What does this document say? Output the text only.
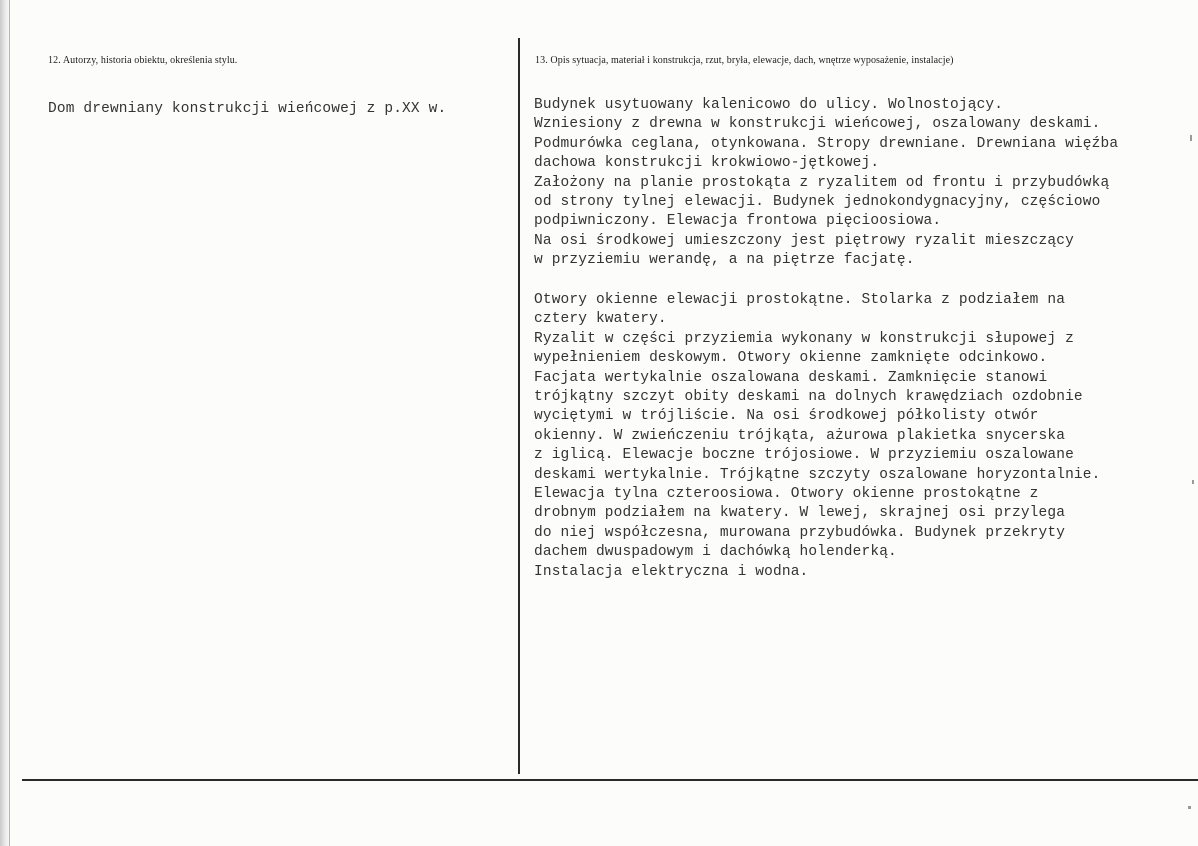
12. Autorzy, historia obiektu, określenia stylu.	13. Opis sytuacja, materiał i konstrukcja, rzut, bryła, elewacje, dach, wnętrze wyposażenie, instalacje)
Dom drewniany konstrukcji wieńcowej z p.XX w.	Budynek usytuowany kalenicowo do ulicy. Wolnostojący.
Wzniesiony z drewna w konstrukcji wieńcowej, oszalowany deskami.
Podmurówka ceglana, otynkowana. Stropy drewniane. Drewniana więźba
dachowa konstrukcji krokwiowo-jętkowej.
Założony na planie prostokąta z ryzalitem od frontu i przybudówką
od strony tylnej elewacji. Budynek jednokondygnacyjny, częściowo
podpiwniczony. Elewacja frontowa pięcioosiowa.
Na osi środkowej umieszczony jest piętrowy ryzalit mieszczący
w przyziemiu werandę, a na piętrze facjatę.
Otwory okienne elewacji prostokątne. Stolarka z podziałem na
cztery kwatery.
Ryzalit w części przyziemia wykonany w konstrukcji słupowej z
wypełnieniem deskowym. Otwory okienne zamknięte odcinkowo.
Facjata wertykalnie oszalowana deskami. Zamknięcie stanowi
trójkątny szczyt obity deskami na dolnych krawędziach ozdobnie
wyciętymi w trójliście. Na osi środkowej półkolisty otwór
okienny. W zwieńczeniu trójkąta, ażurowa plakietka snycerska
z iglicą. Elewacje boczne trójosiowe. W przyziemiu oszalowane
deskami wertykalnie. Trójkątne szczyty oszalowane horyzontalnie.
Elewacja tylna czteroosiowa. Otwory okienne prostokątne z
drobnym podziałem na kwatery. W lewej, skrajnej osi przylega
do niej współczesna, murowana przybudówka. Budynek przekryty
dachem dwuspadowym i dachówką holenderką.
Instalacja elektryczna i wodna.
